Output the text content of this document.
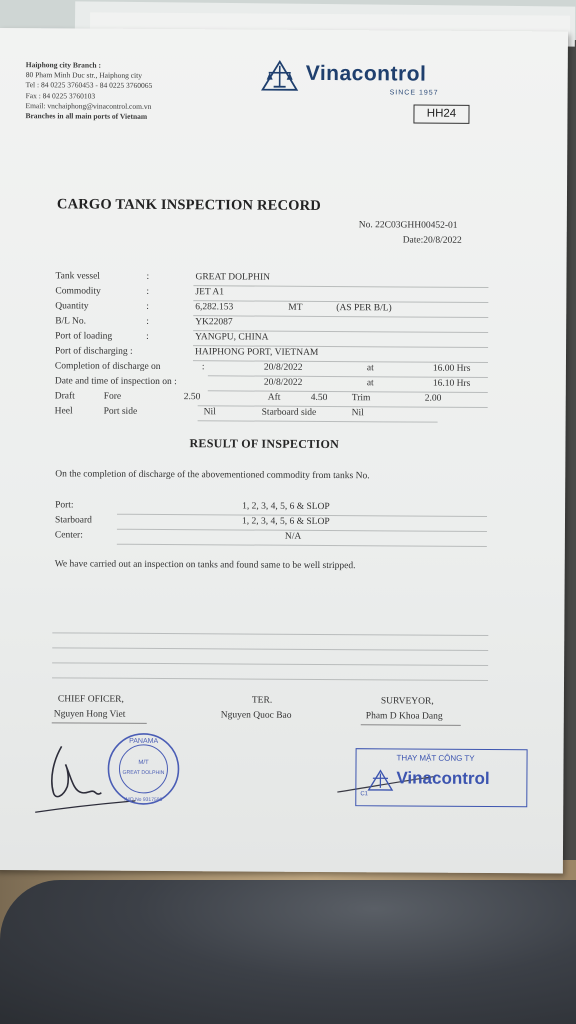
Haiphong city Branch :
80 Pham Minh Duc str., Haiphong city
Tel : 84 0225 3760453 - 84 0225 3760065
Fax : 84 0225 3760103
Email: vnchaiphong@vinacontrol.com.vn
Branches in all main ports of Vietnam
Vinacontrol
SINCE 1957
HH24
CARGO TANK INSPECTION RECORD
No. 22C03GHH00452-01
Date:20/8/2022
Tank vessel	:	GREAT DOLPHIN
Commodity	:	JET A1
Quantity	:	6,282.153	MT	(AS PER B/L)
B/L No.	:	YK22087
Port of loading	:	YANGPU, CHINA
Port of discharging :	HAIPHONG PORT, VIETNAM
Completion of discharge on	:	20/8/2022	at	16.00 Hrs
Date and time of inspection on :	20/8/2022	at	16.10 Hrs
Draft	Fore	2.50	Aft	4.50	Trim	2.00
Heel	Port side	Nil	Starboard side	Nil
RESULT OF INSPECTION
On the completion of discharge of the abovementioned commodity from tanks No.
Port:	1, 2, 3, 4, 5, 6 & SLOP
Starboard	1, 2, 3, 4, 5, 6 & SLOP
Center:	N/A
We have carried out an inspection on tanks and found same to be well stripped.
CHIEF OFICER,
Nguyen Hong Viet
TER.
Nguyen Quoc Bao
SURVEYOR,
Pham D Khoa Dang
PANAMA
M/T
GREAT DOLPHIN
IMO No 9317596
THAY MẶT CÔNG TY
Vinacontrol
C1
